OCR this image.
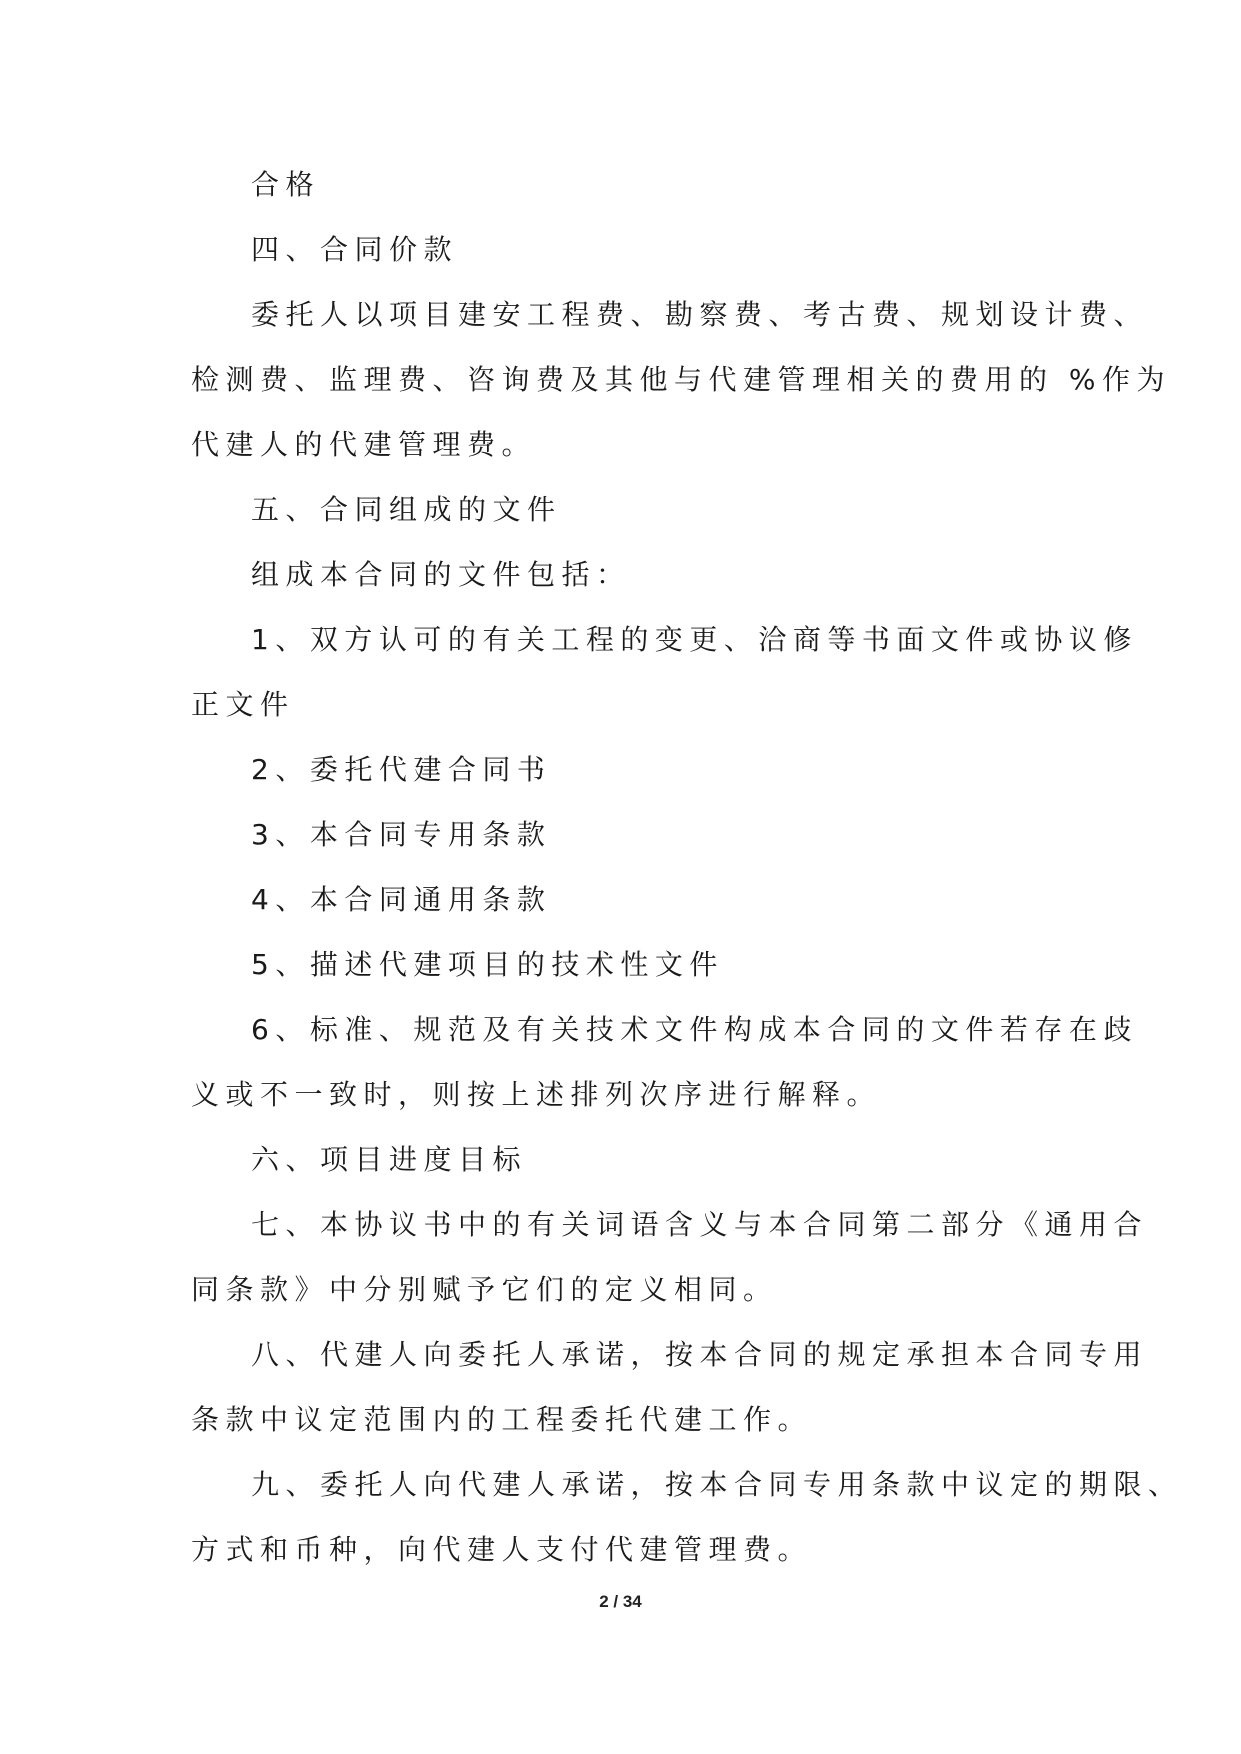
合格

四、合同价款

委托人以项目建安工程费、勘察费、考古费、规划设计费、

检测费、监理费、咨询费及其他与代建管理相关的费用的 %作为

代建人的代建管理费。

五、合同组成的文件

组成本合同的文件包括：

1、双方认可的有关工程的变更、洽商等书面文件或协议修

正文件

2、委托代建合同书

3、本合同专用条款

4、本合同通用条款

5、描述代建项目的技术性文件

6、标准、规范及有关技术文件构成本合同的文件若存在歧

义或不一致时，则按上述排列次序进行解释。

六、项目进度目标

七、本协议书中的有关词语含义与本合同第二部分《通用合

同条款》中分别赋予它们的定义相同。

八、代建人向委托人承诺，按本合同的规定承担本合同专用

条款中议定范围内的工程委托代建工作。

九、委托人向代建人承诺，按本合同专用条款中议定的期限、

方式和币种，向代建人支付代建管理费。

2 / 34
